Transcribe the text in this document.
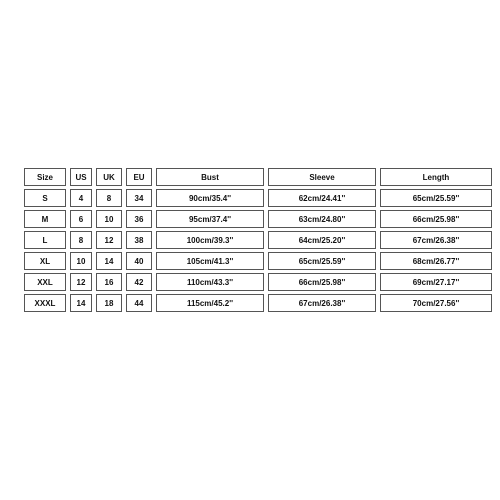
Size	US	UK	EU	Bust	Sleeve	Length
S	4	8	34	90cm/35.4''	62cm/24.41''	65cm/25.59''
M	6	10	36	95cm/37.4''	63cm/24.80''	66cm/25.98''
L	8	12	38	100cm/39.3''	64cm/25.20''	67cm/26.38''
XL	10	14	40	105cm/41.3''	65cm/25.59''	68cm/26.77''
XXL	12	16	42	110cm/43.3''	66cm/25.98''	69cm/27.17''
XXXL	14	18	44	115cm/45.2''	67cm/26.38''	70cm/27.56''
